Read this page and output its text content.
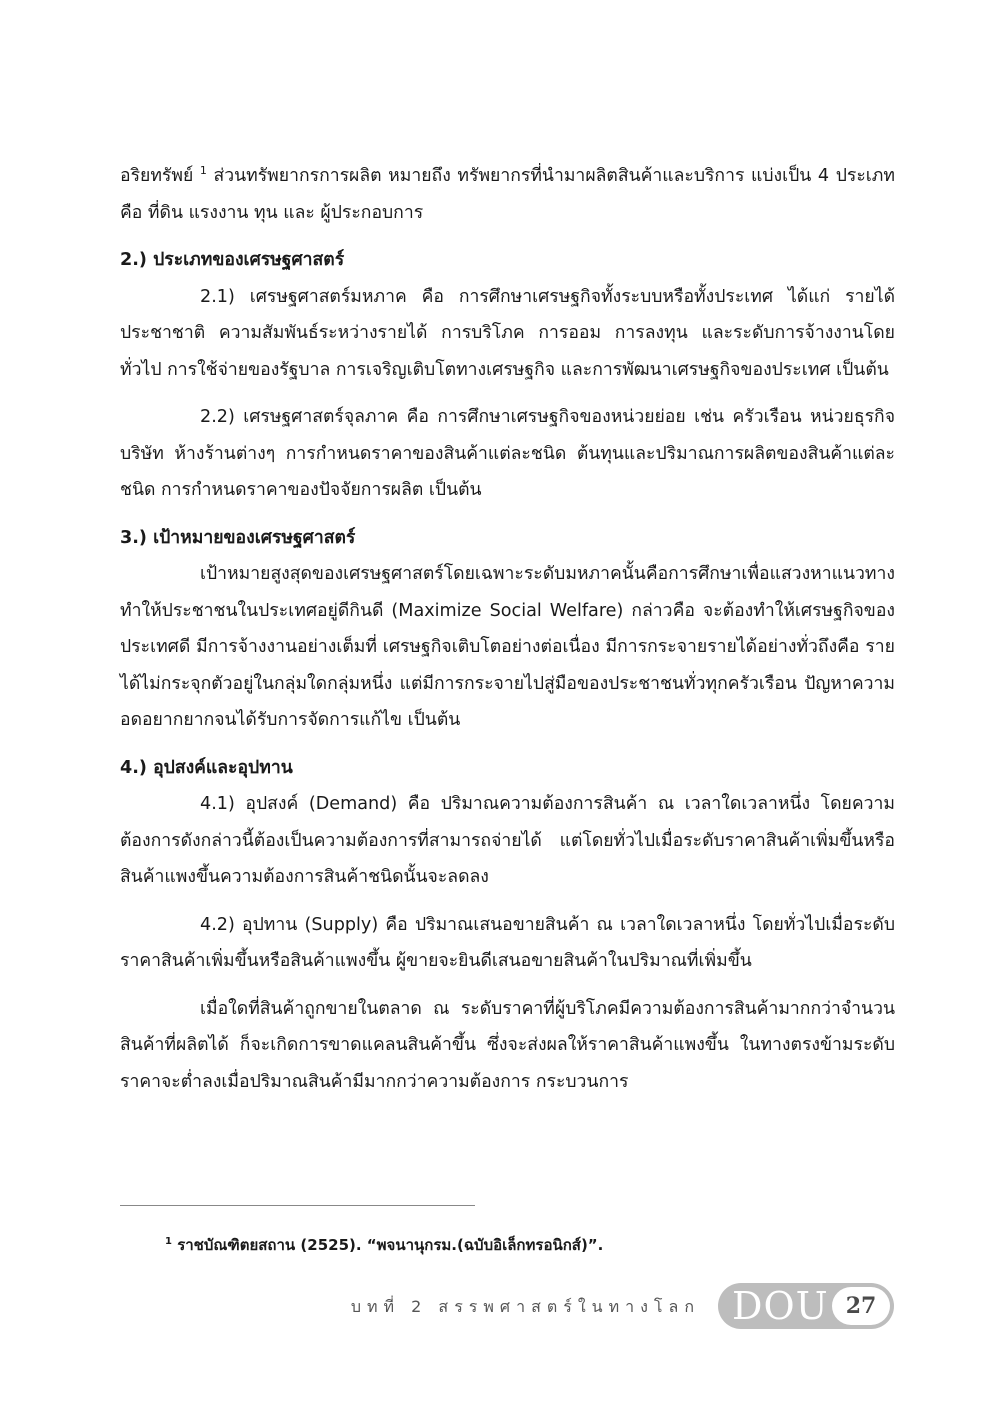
อริยทรัพย์ $^1$ ส่วนทรัพยากรการผลิต หมายถึง ทรัพยากรที่นำมาผลิตสินค้าและบริการ แบ่งเป็น 4 ประเภท คือ ที่ดิน แรงงาน ทุน และ ผู้ประกอบการ

2.) ประเภทของเศรษฐศาสตร์

2.1) เศรษฐศาสตร์มหภาค คือ การศึกษาเศรษฐกิจทั้งระบบหรือทั้งประเทศ ได้แก่ รายได้ประชาชาติ ความสัมพันธ์ระหว่างรายได้ การบริโภค การออม การลงทุน และระดับการจ้างงานโดยทั่วไป การใช้จ่ายของรัฐบาล การเจริญเติบโตทางเศรษฐกิจ และการพัฒนาเศรษฐกิจของประเทศ เป็นต้น

2.2) เศรษฐศาสตร์จุลภาค คือ การศึกษาเศรษฐกิจของหน่วยย่อย เช่น ครัวเรือน หน่วยธุรกิจ บริษัท ห้างร้านต่างๆ การกำหนดราคาของสินค้าแต่ละชนิด ต้นทุนและปริมาณการผลิตของสินค้าแต่ละชนิด การกำหนดราคาของปัจจัยการผลิต เป็นต้น

3.) เป้าหมายของเศรษฐศาสตร์

เป้าหมายสูงสุดของเศรษฐศาสตร์โดยเฉพาะระดับมหภาคนั้นคือการศึกษาเพื่อแสวงหาแนวทางทำให้ประชาชนในประเทศอยู่ดีกินดี (Maximize Social Welfare) กล่าวคือ จะต้องทำให้เศรษฐกิจของประเทศดี มีการจ้างงานอย่างเต็มที่ เศรษฐกิจเติบโตอย่างต่อเนื่อง มีการกระจายรายได้อย่างทั่วถึงคือ รายได้ไม่กระจุกตัวอยู่ในกลุ่มใดกลุ่มหนึ่ง แต่มีการกระจายไปสู่มือของประชาชนทั่วทุกครัวเรือน ปัญหาความอดอยากยากจนได้รับการจัดการแก้ไข เป็นต้น

4.) อุปสงค์และอุปทาน

4.1) อุปสงค์ (Demand) คือ ปริมาณความต้องการสินค้า ณ เวลาใดเวลาหนึ่ง โดยความต้องการดังกล่าวนี้ต้องเป็นความต้องการที่สามารถจ่ายได้ แต่โดยทั่วไปเมื่อระดับราคาสินค้าเพิ่มขึ้นหรือสินค้าแพงขึ้นความต้องการสินค้าชนิดนั้นจะลดลง

4.2) อุปทาน (Supply) คือ ปริมาณเสนอขายสินค้า ณ เวลาใดเวลาหนึ่ง โดยทั่วไปเมื่อระดับราคาสินค้าเพิ่มขึ้นหรือสินค้าแพงขึ้น ผู้ขายจะยินดีเสนอขายสินค้าในปริมาณที่เพิ่มขึ้น

เมื่อใดที่สินค้าถูกขายในตลาด ณ ระดับราคาที่ผู้บริโภคมีความต้องการสินค้ามากกว่าจำนวนสินค้าที่ผลิตได้ ก็จะเกิดการขาดแคลนสินค้าขึ้น ซึ่งจะส่งผลให้ราคาสินค้าแพงขึ้น ในทางตรงข้ามระดับราคาจะต่ำลงเมื่อปริมาณสินค้ามีมากกว่าความต้องการ กระบวนการ

$^1$ ราชบัณฑิตยสถาน (2525). “พจนานุกรม.(ฉบับอิเล็กทรอนิกส์)”.
บทที่ 2 สรรพศาสตร์ในทางโลก DOU 27
